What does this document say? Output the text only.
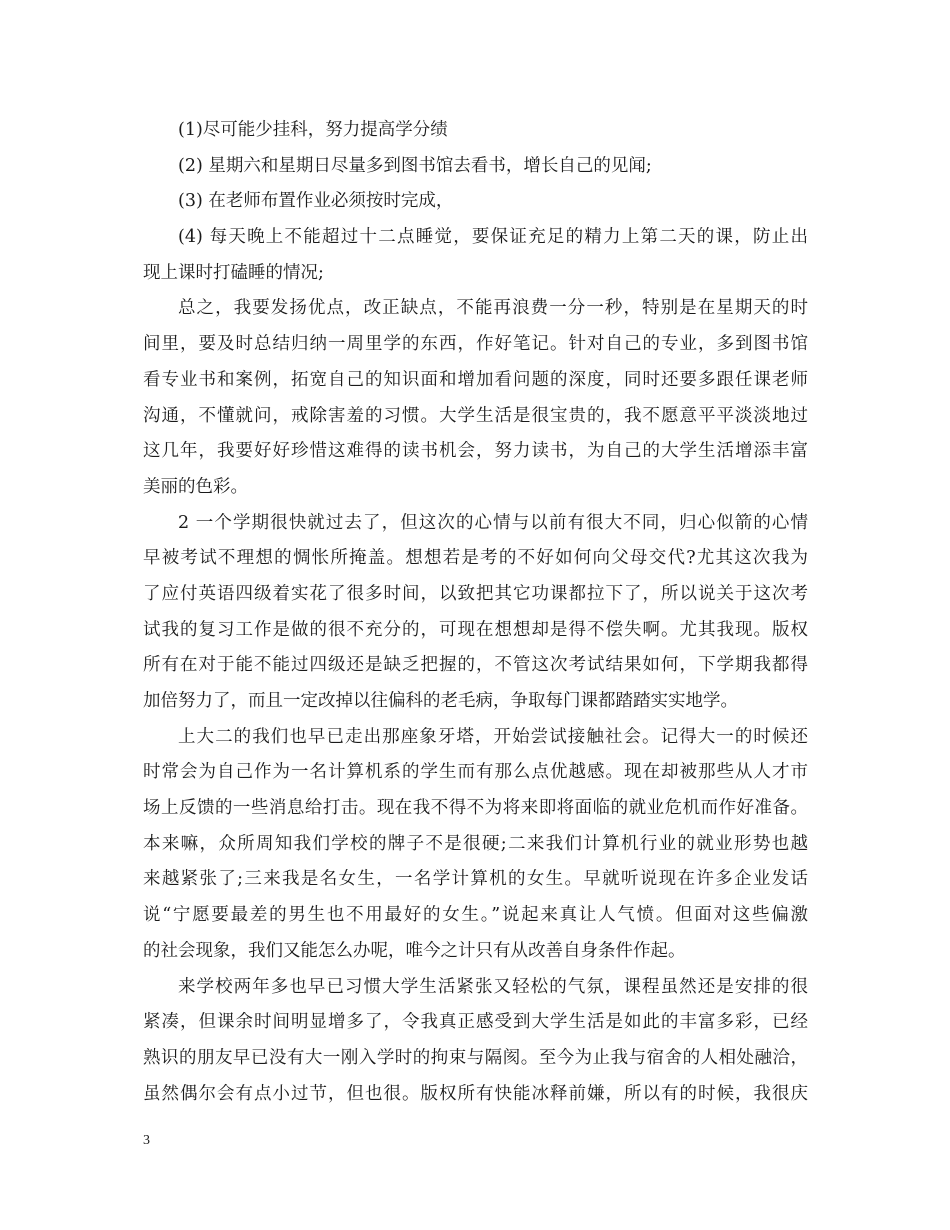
(1)尽可能少挂科，努力提高学分绩
(2) 星期六和星期日尽量多到图书馆去看书，增长自己的见闻;
(3) 在老师布置作业必须按时完成，
(4) 每天晚上不能超过十二点睡觉，要保证充足的精力上第二天的课，防止出
现上课时打磕睡的情况;
总之，我要发扬优点，改正缺点，不能再浪费一分一秒，特别是在星期天的时
间里，要及时总结归纳一周里学的东西，作好笔记。针对自己的专业，多到图书馆
看专业书和案例，拓宽自己的知识面和增加看问题的深度，同时还要多跟任课老师
沟通，不懂就问，戒除害羞的习惯。大学生活是很宝贵的，我不愿意平平淡淡地过
这几年，我要好好珍惜这难得的读书机会，努力读书，为自己的大学生活增添丰富
美丽的色彩。
2 一个学期很快就过去了，但这次的心情与以前有很大不同，归心似箭的心情
早被考试不理想的惆怅所掩盖。想想若是考的不好如何向父母交代?尤其这次我为
了应付英语四级着实花了很多时间，以致把其它功课都拉下了，所以说关于这次考
试我的复习工作是做的很不充分的，可现在想想却是得不偿失啊。尤其我现。版权
所有在对于能不能过四级还是缺乏把握的，不管这次考试结果如何，下学期我都得
加倍努力了，而且一定改掉以往偏科的老毛病，争取每门课都踏踏实实地学。
上大二的我们也早已走出那座象牙塔，开始尝试接触社会。记得大一的时候还
时常会为自己作为一名计算机系的学生而有那么点优越感。现在却被那些从人才市
场上反馈的一些消息给打击。现在我不得不为将来即将面临的就业危机而作好准备。
本来嘛，众所周知我们学校的牌子不是很硬;二来我们计算机行业的就业形势也越
来越紧张了;三来我是名女生，一名学计算机的女生。早就听说现在许多企业发话
说“宁愿要最差的男生也不用最好的女生。”说起来真让人气愤。但面对这些偏激
的社会现象，我们又能怎么办呢，唯今之计只有从改善自身条件作起。
来学校两年多也早已习惯大学生活紧张又轻松的气氛，课程虽然还是安排的很
紧凑，但课余时间明显增多了，令我真正感受到大学生活是如此的丰富多彩，已经
熟识的朋友早已没有大一刚入学时的拘束与隔阂。至今为止我与宿舍的人相处融洽，
虽然偶尔会有点小过节，但也很。版权所有快能冰释前嫌，所以有的时候，我很庆
3
